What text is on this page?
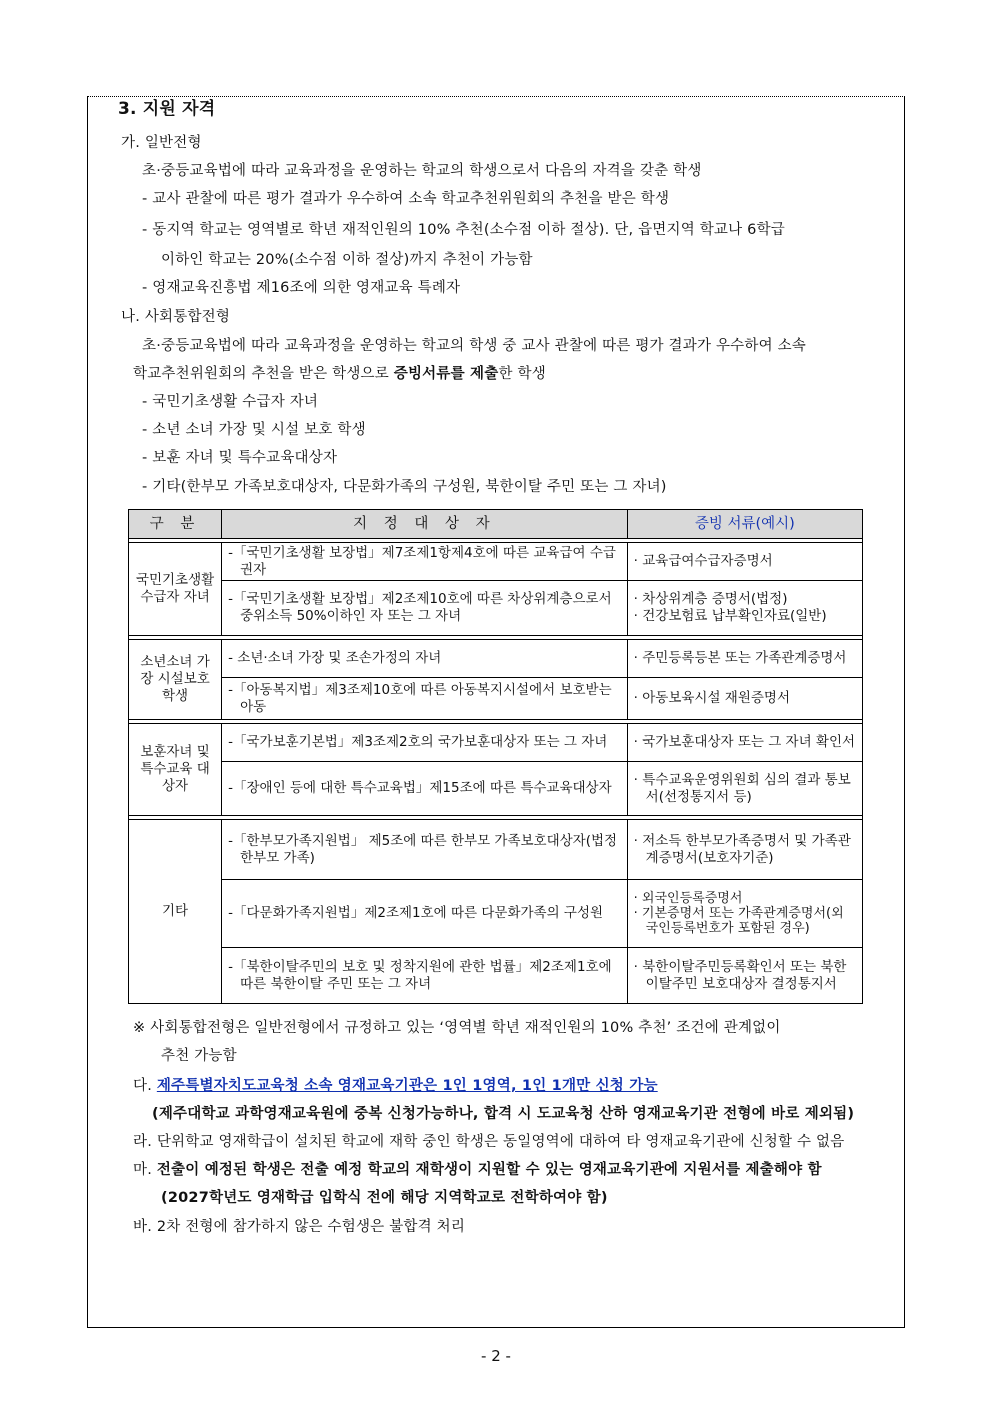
3. 지원 자격
가. 일반전형
초·중등교육법에 따라 교육과정을 운영하는 학교의 학생으로서 다음의 자격을 갖춘 학생
- 교사 관찰에 따른 평가 결과가 우수하여 소속 학교추천위원회의 추천을 받은 학생
- 동지역 학교는 영역별로 학년 재적인원의 10% 추천(소수점 이하 절상). 단, 읍면지역 학교나 6학급
이하인 학교는 20%(소수점 이하 절상)까지 추천이 가능함
- 영재교육진흥법 제16조에 의한 영재교육 특례자
나. 사회통합전형
초·중등교육법에 따라 교육과정을 운영하는 학교의 학생 중 교사 관찰에 따른 평가 결과가 우수하여 소속
학교추천위원회의 추천을 받은 학생으로 증빙서류를 제출한 학생
- 국민기초생활 수급자 자녀
- 소년 소녀 가장 및 시설 보호 학생
- 보훈 자녀 및 특수교육대상자
- 기타(한부모 가족보호대상자, 다문화가족의 구성원, 북한이탈 주민 또는 그 자녀)
구 분	지 정 대 상 자	증빙 서류(예시)

국민기초생활 수급자 자녀	-「국민기초생활 보장법」제7조제1항제4호에 따른 교육급여 수급권자	· 교육급여수급자증명서

	-「국민기초생활 보장법」제2조제10호에 따른 차상위계층으로서 중위소득 50%이하인 자 또는 그 자녀	· 차상위계층 증명서(법정)
· 건강보험료 납부확인자료(일반)

소년소녀 가장 시설보호학생	- 소년·소녀 가장 및 조손가정의 자녀	· 주민등록등본 또는 가족관계증명서

	-「아동복지법」제3조제10호에 따른 아동복지시설에서 보호받는 아동	· 아동보육시설 재원증명서

보훈자녀 및 특수교육 대상자	-「국가보훈기본법」제3조제2호의 국가보훈대상자 또는 그 자녀	· 국가보훈대상자 또는 그 자녀 확인서

	-「장애인 등에 대한 특수교육법」제15조에 따른 특수교육대상자	· 특수교육운영위원회 심의 결과 통보서(선정통지서 등)

기타	-「한부모가족지원법」 제5조에 따른 한부모 가족보호대상자(법정 한부모 가족)	· 저소득 한부모가족증명서 및 가족관계증명서(보호자기준)

	-「다문화가족지원법」제2조제1호에 따른 다문화가족의 구성원	· 외국인등록증명서
· 기본증명서 또는 가족관계증명서(외국인등록번호가 포함된 경우)

	-「북한이탈주민의 보호 및 정착지원에 관한 법률」제2조제1호에 따른 북한이탈 주민 또는 그 자녀	· 북한이탈주민등록확인서 또는 북한이탈주민 보호대상자 결정통지서
※ 사회통합전형은 일반전형에서 규정하고 있는 ‘영역별 학년 재적인원의 10% 추천’ 조건에 관계없이
추천 가능함
다. 제주특별자치도교육청 소속 영재교육기관은 1인 1영역, 1인 1개만 신청 가능
(제주대학교 과학영재교육원에 중복 신청가능하나, 합격 시 도교육청 산하 영재교육기관 전형에 바로 제외됨)
라. 단위학교 영재학급이 설치된 학교에 재학 중인 학생은 동일영역에 대하여 타 영재교육기관에 신청할 수 없음
마. 전출이 예정된 학생은 전출 예정 학교의 재학생이 지원할 수 있는 영재교육기관에 지원서를 제출해야 함
(2027학년도 영재학급 입학식 전에 해당 지역학교로 전학하여야 함)
바. 2차 전형에 참가하지 않은 수험생은 불합격 처리
- 2 -
